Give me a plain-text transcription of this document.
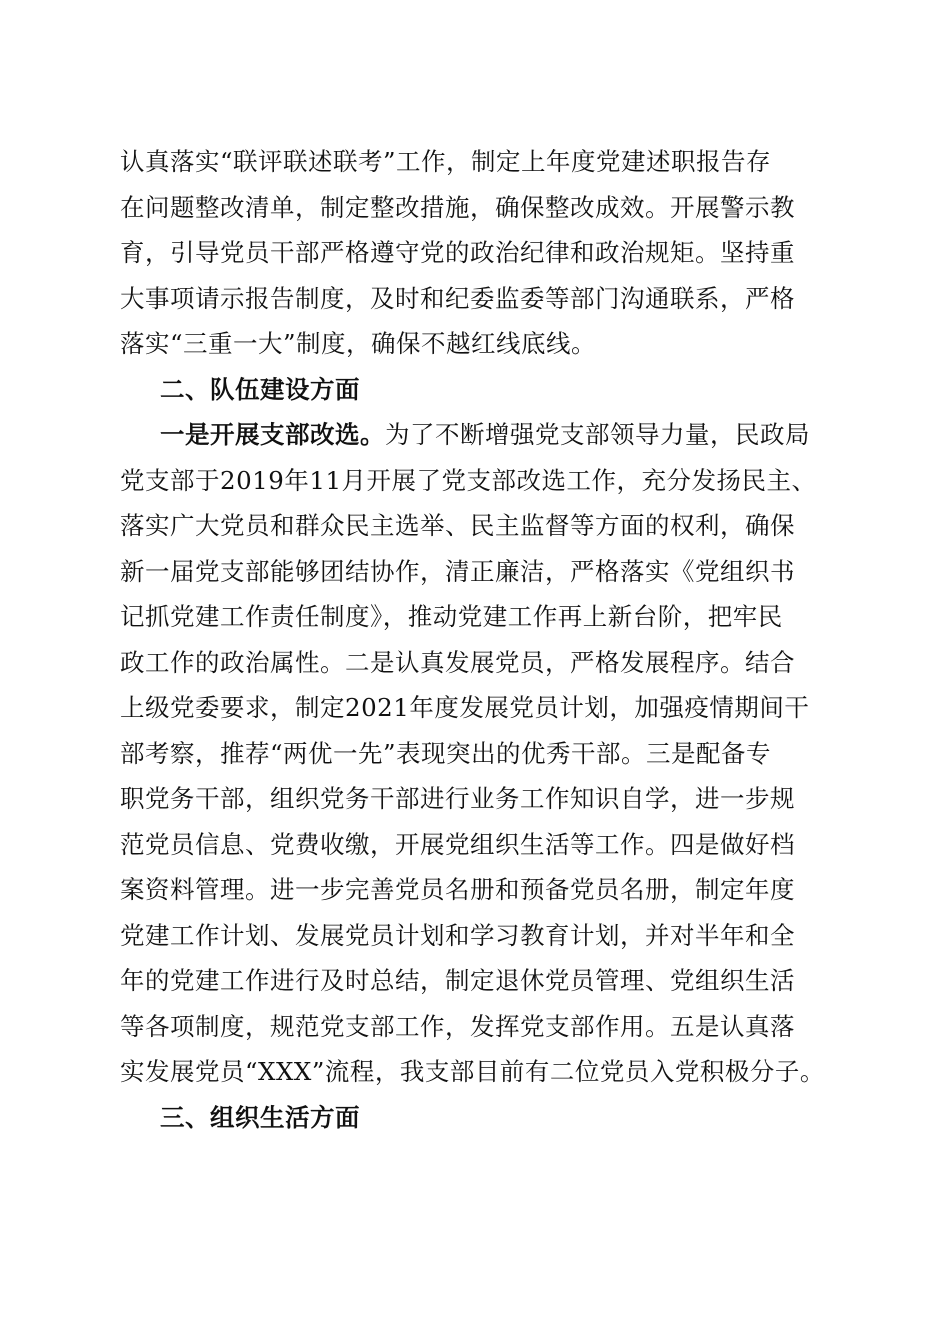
认真落实“联评联述联考”工作，制定上年度党建述职报告存
在问题整改清单，制定整改措施，确保整改成效。开展警示教
育，引导党员干部严格遵守党的政治纪律和政治规矩。坚持重
大事项请示报告制度，及时和纪委监委等部门沟通联系，严格
落实“三重一大”制度，确保不越红线底线。
二、队伍建设方面
一是开展支部改选。为了不断增强党支部领导力量，民政局
党支部于2019年11月开展了党支部改选工作，充分发扬民主、
落实广大党员和群众民主选举、民主监督等方面的权利，确保
新一届党支部能够团结协作，清正廉洁，严格落实《党组织书
记抓党建工作责任制度》，推动党建工作再上新台阶，把牢民
政工作的政治属性。二是认真发展党员，严格发展程序。结合
上级党委要求，制定2021年度发展党员计划，加强疫情期间干
部考察，推荐“两优一先”表现突出的优秀干部。三是配备专
职党务干部，组织党务干部进行业务工作知识自学，进一步规
范党员信息、党费收缴，开展党组织生活等工作。四是做好档
案资料管理。进一步完善党员名册和预备党员名册，制定年度
党建工作计划、发展党员计划和学习教育计划，并对半年和全
年的党建工作进行及时总结，制定退休党员管理、党组织生活
等各项制度，规范党支部工作，发挥党支部作用。五是认真落
实发展党员“XXX”流程，我支部目前有二位党员入党积极分子。
三、组织生活方面
